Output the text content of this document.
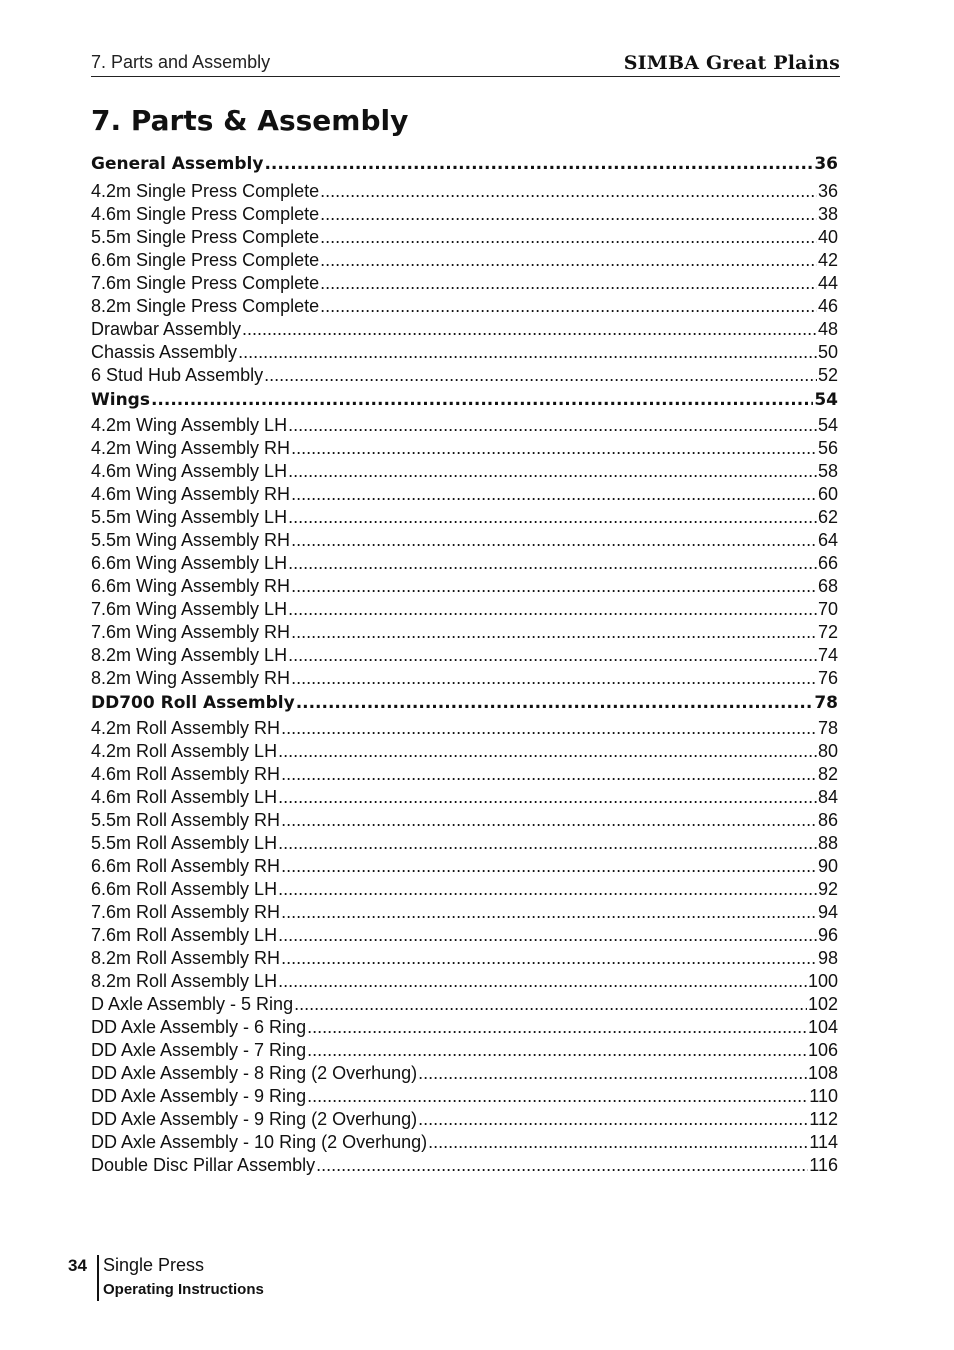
7. Parts and Assembly	SIMBA Great Plains
7. Parts & Assembly
General Assembly .....	36
4.2m Single Press Complete .....	36
4.6m Single Press Complete .....	38
5.5m Single Press Complete .....	40
6.6m Single Press Complete .....	42
7.6m Single Press Complete .....	44
8.2m Single Press Complete .....	46
Drawbar Assembly .....	48
Chassis Assembly .....	50
6 Stud Hub Assembly .....	52
Wings .....	54
4.2m Wing Assembly LH .....	54
4.2m Wing Assembly RH .....	56
4.6m Wing Assembly LH .....	58
4.6m Wing Assembly RH .....	60
5.5m Wing Assembly LH .....	62
5.5m Wing Assembly RH .....	64
6.6m Wing Assembly LH .....	66
6.6m Wing Assembly RH .....	68
7.6m Wing Assembly LH .....	70
7.6m Wing Assembly RH .....	72
8.2m Wing Assembly LH .....	74
8.2m Wing Assembly RH .....	76
DD700 Roll Assembly .....	78
4.2m Roll Assembly RH .....	78
4.2m Roll Assembly LH .....	80
4.6m Roll Assembly RH .....	82
4.6m Roll Assembly LH .....	84
5.5m Roll Assembly RH .....	86
5.5m Roll Assembly LH .....	88
6.6m Roll Assembly RH .....	90
6.6m Roll Assembly LH .....	92
7.6m Roll Assembly RH .....	94
7.6m Roll Assembly LH .....	96
8.2m Roll Assembly RH .....	98
8.2m Roll Assembly LH .....	100
D Axle Assembly - 5 Ring .....	102
DD Axle Assembly - 6 Ring .....	104
DD Axle Assembly - 7 Ring .....	106
DD Axle Assembly - 8 Ring (2 Overhung) .....	108
DD Axle Assembly - 9 Ring .....	110
DD Axle Assembly - 9 Ring (2 Overhung) .....	112
DD Axle Assembly - 10 Ring (2 Overhung) .....	114
Double Disc Pillar Assembly .....	116
34 Single Press
Operating Instructions
